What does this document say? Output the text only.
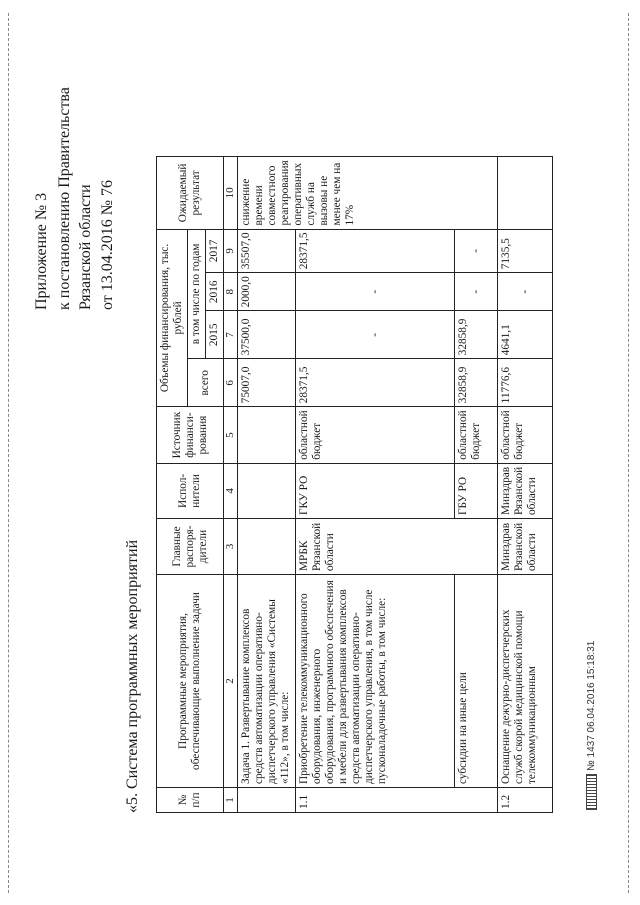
Приложение № 3 к постановлению Правительства Рязанской области от 13.04.2016 № 76
«5. Система программных мероприятий	№ п/п	Программные мероприятия, обеспечивающие выполнение задачи	Главные распоря- дители	Испол- нители	Источник финанси- рования	Объемы финансирования, тыс. рублей				Ожидаемый результат
					всего	в том числе по годам			
						2015	2016	2017	
1	2	3	4	5	6	7	8	9	10
	Задача 1. Развертывание комплексов средств автоматизации оперативно-диспетчерского управления «Системы «112», в том числе:				75007,0	37500,0	2000,0	35507,0	снижение времени совместного реагирования оперативных служб на вызовы не менее чем на 17%
1.1	Приобретение телекоммуникационного оборудования, инженерного оборудования, программного обеспечения и мебели для развертывания комплексов средств автоматизации оперативно-диспетчерского управления, в том числе пусконаладочные работы, в том числе:	МРБК Рязанской области	ГКУ РО	областной бюджет	28371,5	-	-	28371,5	
	субсидии на иные цели		ГБУ РО	областной бюджет	32858,9	32858,9	-	-	
1.2	Оснащение дежурно-диспетчерских служб скорой медицинской помощи телекоммуникационным	Минздрав Рязанской области	Минздрав Рязанской области	областной бюджет	11776,6	4641,1	-	7135,5	
№ 1437 06.04.2016 15:18:31
